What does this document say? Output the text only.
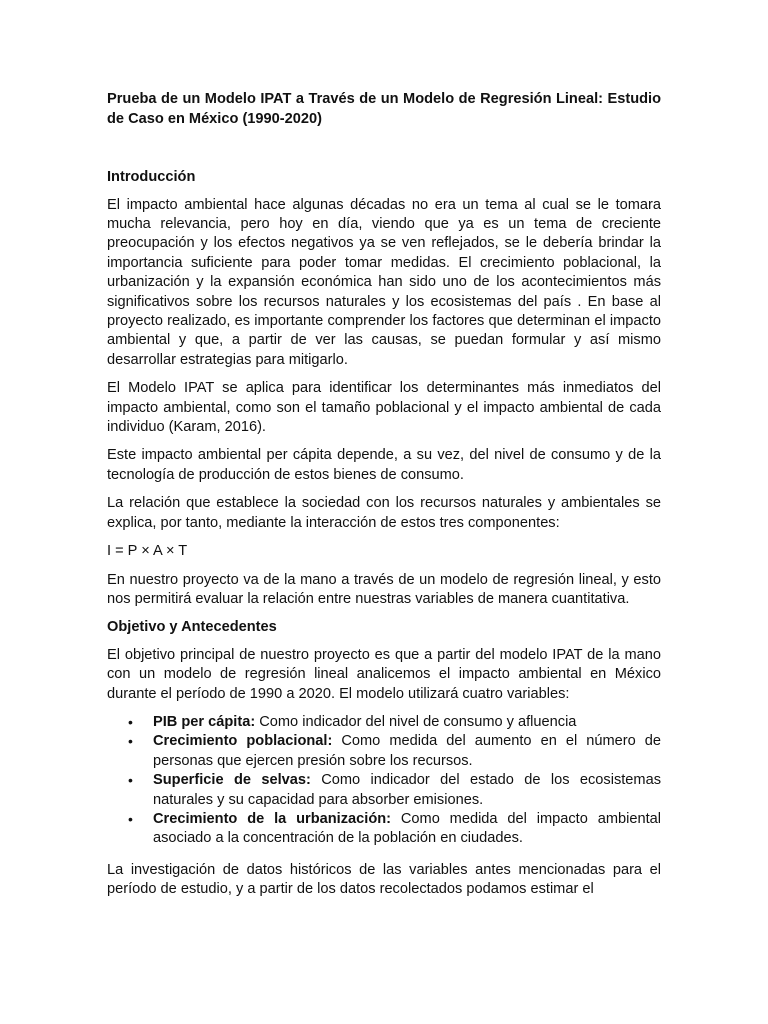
Prueba de un Modelo IPAT a Través de un Modelo de Regresión Lineal: Estudio de Caso en México (1990-2020)
Introducción

El impacto ambiental hace algunas décadas no era un tema al cual se le tomara mucha relevancia, pero hoy en día, viendo que ya es un tema de creciente preocupación y los efectos negativos ya se ven reflejados, se le debería brindar la importancia suficiente para poder tomar medidas. El crecimiento poblacional, la urbanización y la expansión económica han sido uno de los acontecimientos más significativos sobre los recursos naturales y los ecosistemas del país . En base al proyecto realizado, es importante comprender los factores que determinan el impacto ambiental y que, a partir de ver las causas, se puedan formular y así mismo desarrollar estrategias para mitigarlo.

El Modelo IPAT se aplica para identificar los determinantes más inmediatos del impacto ambiental, como son el tamaño poblacional y el impacto ambiental de cada individuo (Karam, 2016).

Este impacto ambiental per cápita depende, a su vez, del nivel de consumo y de la tecnología de producción de estos bienes de consumo.

La relación que establece la sociedad con los recursos naturales y ambientales se explica, por tanto, mediante la interacción de estos tres componentes:

I = P × A × T

En nuestro proyecto va de la mano a través de un modelo de regresión lineal, y esto nos permitirá evaluar la relación entre nuestras variables de manera cuantitativa.

Objetivo y Antecedentes

El objetivo principal de nuestro proyecto es que a partir del modelo IPAT de la mano con un modelo de regresión lineal analicemos el impacto ambiental en México durante el período de 1990 a 2020. El modelo utilizará cuatro variables:

• PIB per cápita: Como indicador del nivel de consumo y afluencia
• Crecimiento poblacional: Como medida del aumento en el número de personas que ejercen presión sobre los recursos.
• Superficie de selvas: Como indicador del estado de los ecosistemas naturales y su capacidad para absorber emisiones.
• Crecimiento de la urbanización: Como medida del impacto ambiental asociado a la concentración de la población en ciudades.

La investigación de datos históricos de las variables antes mencionadas para el período de estudio, y a partir de los datos recolectados podamos estimar el
